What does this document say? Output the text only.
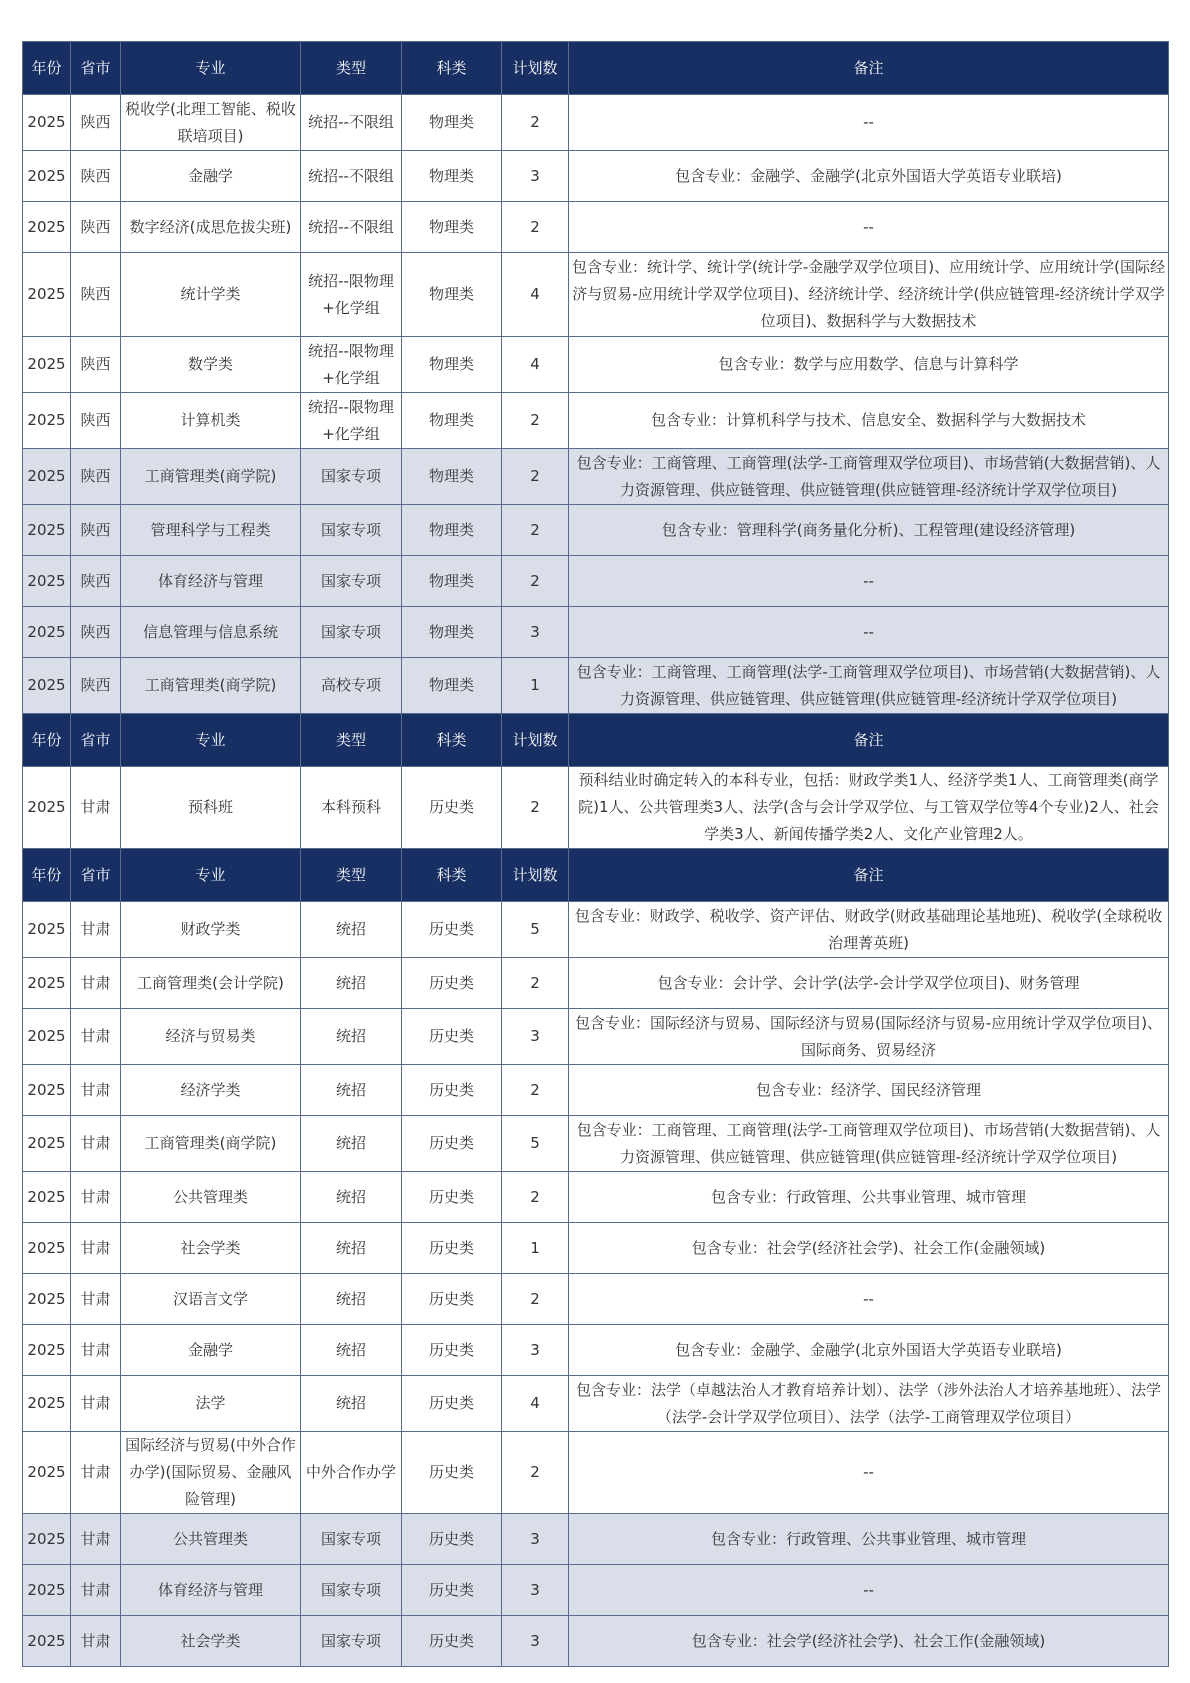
年份	省市	专业	类型	科类	计划数	备注
2025	陕西	税收学(北理工智能、税收联培项目)	统招--不限组	物理类	2	--
2025	陕西	金融学	统招--不限组	物理类	3	包含专业：金融学、金融学(北京外国语大学英语专业联培)
2025	陕西	数字经济(成思危拔尖班)	统招--不限组	物理类	2	--
2025	陕西	统计学类	统招--限物理+化学组	物理类	4	包含专业：统计学、统计学(统计学-金融学双学位项目)、应用统计学、应用统计学(国际经济与贸易-应用统计学双学位项目)、经济统计学、经济统计学(供应链管理-经济统计学双学位项目)、数据科学与大数据技术
2025	陕西	数学类	统招--限物理+化学组	物理类	4	包含专业：数学与应用数学、信息与计算科学
2025	陕西	计算机类	统招--限物理+化学组	物理类	2	包含专业：计算机科学与技术、信息安全、数据科学与大数据技术
2025	陕西	工商管理类(商学院)	国家专项	物理类	2	包含专业：工商管理、工商管理(法学-工商管理双学位项目)、市场营销(大数据营销)、人力资源管理、供应链管理、供应链管理(供应链管理-经济统计学双学位项目)
2025	陕西	管理科学与工程类	国家专项	物理类	2	包含专业：管理科学(商务量化分析)、工程管理(建设经济管理)
2025	陕西	体育经济与管理	国家专项	物理类	2	--
2025	陕西	信息管理与信息系统	国家专项	物理类	3	--
2025	陕西	工商管理类(商学院)	高校专项	物理类	1	包含专业：工商管理、工商管理(法学-工商管理双学位项目)、市场营销(大数据营销)、人力资源管理、供应链管理、供应链管理(供应链管理-经济统计学双学位项目)
年份	省市	专业	类型	科类	计划数	备注
2025	甘肃	预科班	本科预科	历史类	2	预科结业时确定转入的本科专业，包括：财政学类1人、经济学类1人、工商管理类(商学院)1人、公共管理类3人、法学(含与会计学双学位、与工管双学位等4个专业)2人、社会学类3人、新闻传播学类2人、文化产业管理2人。
年份	省市	专业	类型	科类	计划数	备注
2025	甘肃	财政学类	统招	历史类	5	包含专业：财政学、税收学、资产评估、财政学(财政基础理论基地班)、税收学(全球税收治理菁英班)
2025	甘肃	工商管理类(会计学院)	统招	历史类	2	包含专业：会计学、会计学(法学-会计学双学位项目)、财务管理
2025	甘肃	经济与贸易类	统招	历史类	3	包含专业：国际经济与贸易、国际经济与贸易(国际经济与贸易-应用统计学双学位项目)、国际商务、贸易经济
2025	甘肃	经济学类	统招	历史类	2	包含专业：经济学、国民经济管理
2025	甘肃	工商管理类(商学院)	统招	历史类	5	包含专业：工商管理、工商管理(法学-工商管理双学位项目)、市场营销(大数据营销)、人力资源管理、供应链管理、供应链管理(供应链管理-经济统计学双学位项目)
2025	甘肃	公共管理类	统招	历史类	2	包含专业：行政管理、公共事业管理、城市管理
2025	甘肃	社会学类	统招	历史类	1	包含专业：社会学(经济社会学)、社会工作(金融领域)
2025	甘肃	汉语言文学	统招	历史类	2	--
2025	甘肃	金融学	统招	历史类	3	包含专业：金融学、金融学(北京外国语大学英语专业联培)
2025	甘肃	法学	统招	历史类	4	包含专业：法学（卓越法治人才教育培养计划）、法学（涉外法治人才培养基地班）、法学（法学-会计学双学位项目）、法学（法学-工商管理双学位项目）
2025	甘肃	国际经济与贸易(中外合作办学)(国际贸易、金融风险管理)	中外合作办学	历史类	2	--
2025	甘肃	公共管理类	国家专项	历史类	3	包含专业：行政管理、公共事业管理、城市管理
2025	甘肃	体育经济与管理	国家专项	历史类	3	--
2025	甘肃	社会学类	国家专项	历史类	3	包含专业：社会学(经济社会学)、社会工作(金融领域)
